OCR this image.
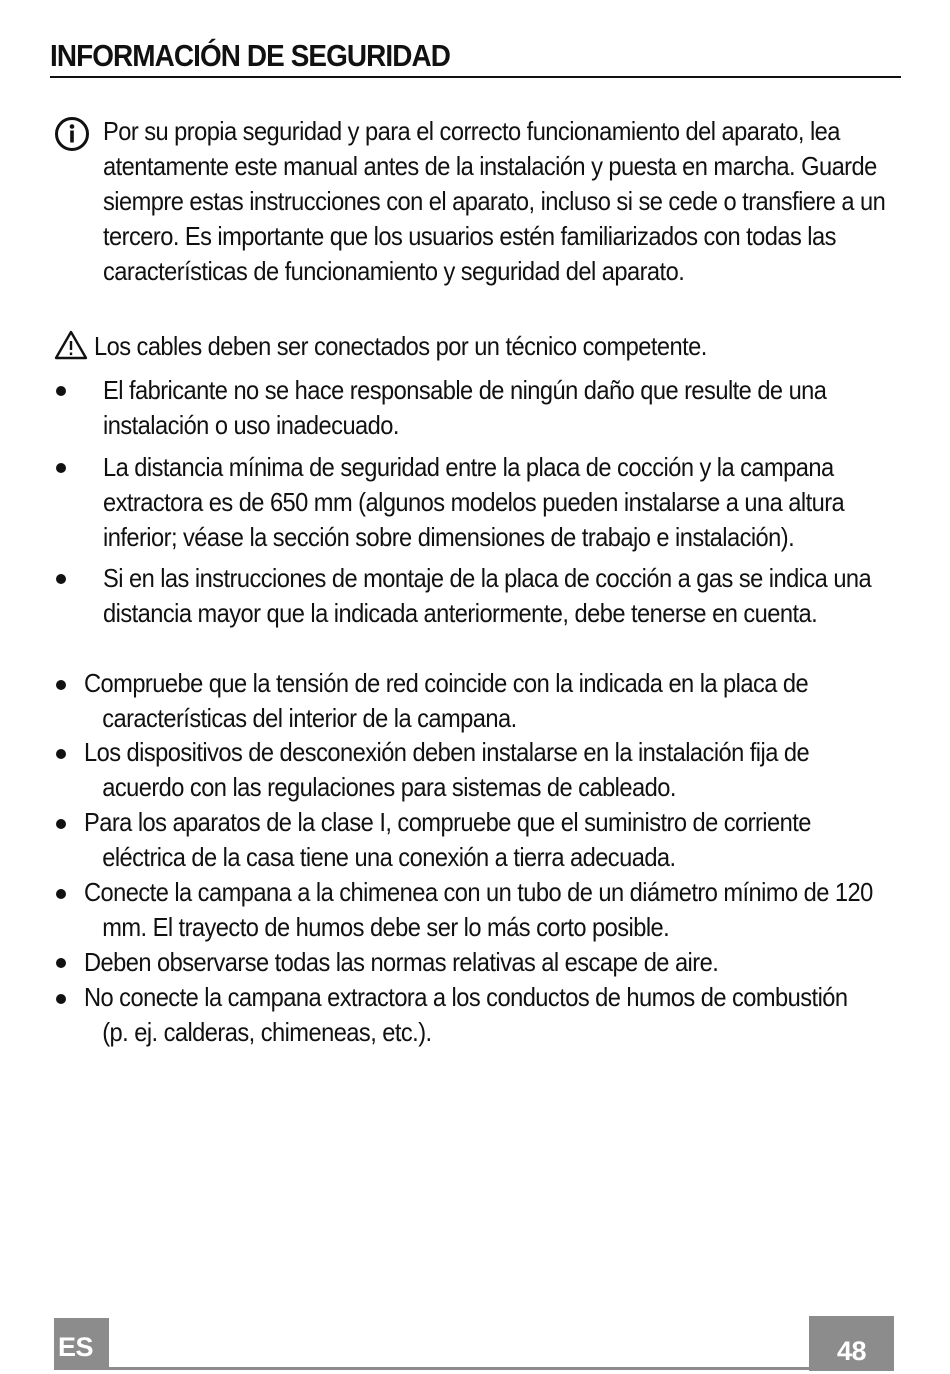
INFORMACIÓN DE SEGURIDAD

Por su propia seguridad y para el correcto funcionamiento del aparato, lea atentamente este manual antes de la instalación y puesta en marcha. Guarde siempre estas instrucciones con el aparato, incluso si se cede o transfiere a un tercero. Es importante que los usuarios estén familiarizados con todas las características de funcionamiento y seguridad del aparato.

Los cables deben ser conectados por un técnico competente.

El fabricante no se hace responsable de ningún daño que resulte de una instalación o uso inadecuado.

La distancia mínima de seguridad entre la placa de cocción y la campana extractora es de 650 mm (algunos modelos pueden instalarse a una altura inferior; véase la sección sobre dimensiones de trabajo e instalación).

Si en las instrucciones de montaje de la placa de cocción a gas se indica una distancia mayor que la indicada anteriormente, debe tenerse en cuenta.

Compruebe que la tensión de red coincide con la indicada en la placa de características del interior de la campana.

Los dispositivos de desconexión deben instalarse en la instalación fija de acuerdo con las regulaciones para sistemas de cableado.

Para los aparatos de la clase I, compruebe que el suministro de corriente eléctrica de la casa tiene una conexión a tierra adecuada.

Conecte la campana a la chimenea con un tubo de un diámetro mínimo de 120 mm. El trayecto de humos debe ser lo más corto posible.

Deben observarse todas las normas relativas al escape de aire.

No conecte la campana extractora a los conductos de humos de combustión (p. ej. calderas, chimeneas, etc.).

ES	48
